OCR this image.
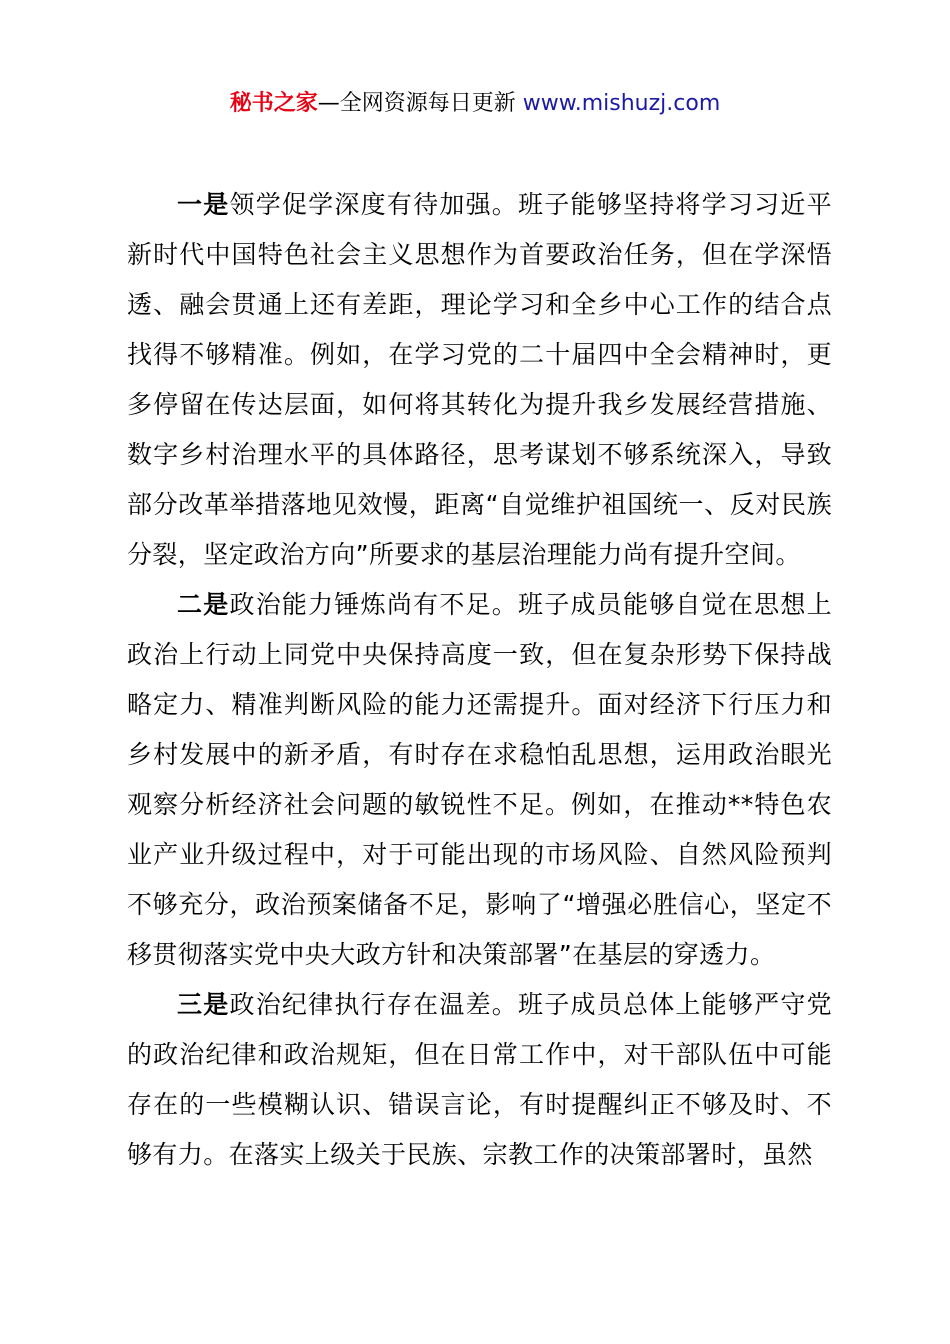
秘书之家—全网资源每日更新 www.mishuzj.com

一是领学促学深度有待加强。班子能够坚持将学习习近平新时代中国特色社会主义思想作为首要政治任务，但在学深悟透、融会贯通上还有差距，理论学习和全乡中心工作的结合点找得不够精准。例如，在学习党的二十届四中全会精神时，更多停留在传达层面，如何将其转化为提升我乡发展经营措施、数字乡村治理水平的具体路径，思考谋划不够系统深入，导致部分改革举措落地见效慢，距离“自觉维护祖国统一、反对民族分裂，坚定政治方向”所要求的基层治理能力尚有提升空间。

二是政治能力锤炼尚有不足。班子成员能够自觉在思想上政治上行动上同党中央保持高度一致，但在复杂形势下保持战略定力、精准判断风险的能力还需提升。面对经济下行压力和乡村发展中的新矛盾，有时存在求稳怕乱思想，运用政治眼光观察分析经济社会问题的敏锐性不足。例如，在推动**特色农业产业升级过程中，对于可能出现的市场风险、自然风险预判不够充分，政治预案储备不足，影响了“增强必胜信心，坚定不移贯彻落实党中央大政方针和决策部署”在基层的穿透力。

三是政治纪律执行存在温差。班子成员总体上能够严守党的政治纪律和政治规矩，但在日常工作中，对干部队伍中可能存在的一些模糊认识、错误言论，有时提醒纠正不够及时、不够有力。在落实上级关于民族、宗教工作的决策部署时，虽然
